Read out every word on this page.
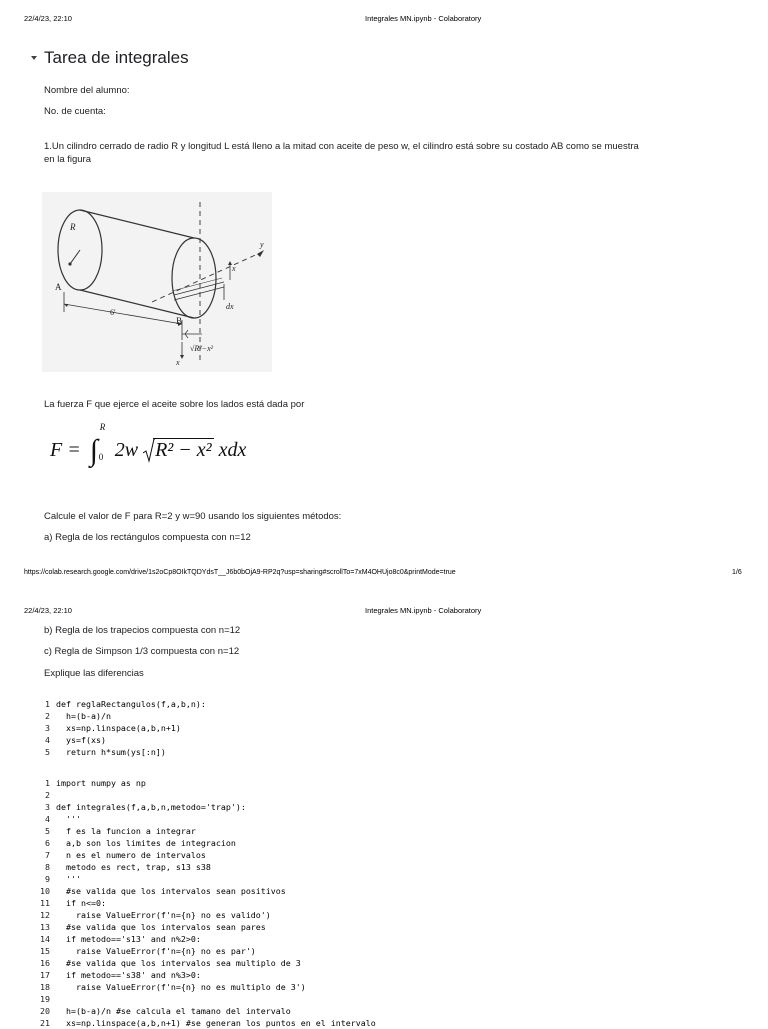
22/4/23, 22:10	Integrales MN.ipynb - Colaboratory
Tarea de integrales
Nombre del alumno:
No. de cuenta:
1.Un cilindro cerrado de radio R y longitud L está lleno a la mitad con aceite de peso w, el cilindro está sobre su costado AB como se muestra
en la figura
R
A
B
6'
y
x
dx
√R²−x²
x
La fuerza F que ejerce el aceite sobre los lados está dada por
F = ∫
R
0 2w R² − x² xdx
Calcule el valor de F para R=2 y w=90 usando los siguientes métodos:
a) Regla de los rectángulos compuesta con n=12
https://colab.research.google.com/drive/1s2oCp8OIkTQDYdsT__J6b0bOjA9-RP2q?usp=sharing#scrollTo=7xM4OHUjo8c0&printMode=true	1/6
22/4/23, 22:10	Integrales MN.ipynb - Colaboratory
b) Regla de los trapecios compuesta con n=12
c) Regla de Simpson 1/3 compuesta con n=12
Explique las diferencias
1 def reglaRectangulos(f,a,b,n):
2  h=(b-a)/n
3  xs=np.linspace(a,b,n+1)
4  ys=f(xs)
5  return h*sum(ys[:n])
1 import numpy as np
2
3 def integrales(f,a,b,n,metodo='trap'):
4  '''
5  f es la funcion a integrar
6  a,b son los limites de integracion
7  n es el numero de intervalos
8  metodo es rect, trap, s13 s38
9  '''
10  #se valida que los intervalos sean positivos
11  if n<=0:
12    raise ValueError(f'n={n} no es valido')
13  #se valida que los intervalos sean pares
14  if metodo=='s13' and n%2>0:
15    raise ValueError(f'n={n} no es par')
16  #se valida que los intervalos sea multiplo de 3
17  if metodo=='s38' and n%3>0:
18    raise ValueError(f'n={n} no es multiplo de 3')
19
20  h=(b-a)/n #se calcula el tamano del intervalo
21  xs=np.linspace(a,b,n+1) #se generan los puntos en el intervalo
